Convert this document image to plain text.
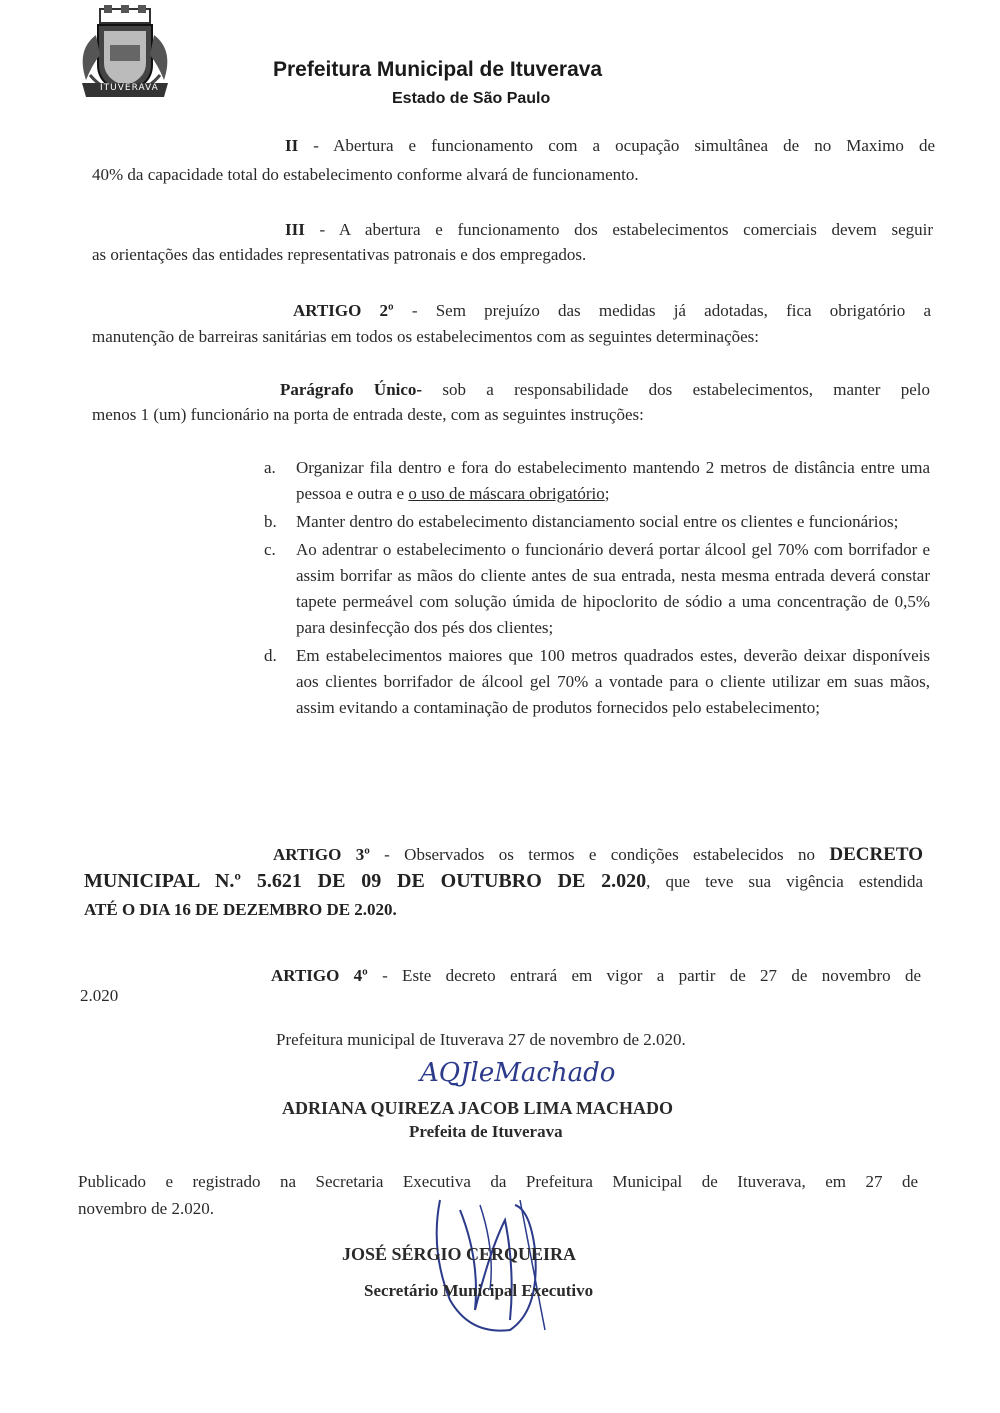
ITUVERAVA
Prefeitura Municipal de Ituverava
Estado de São Paulo
II - Abertura e funcionamento com a ocupação simultânea de no Maximo de
40% da capacidade total do estabelecimento conforme alvará de funcionamento.
III - A abertura e funcionamento dos estabelecimentos comerciais devem seguir
as orientações das entidades representativas patronais e dos empregados.
ARTIGO 2º - Sem prejuízo das medidas já adotadas, fica obrigatório a
manutenção de barreiras sanitárias em todos os estabelecimentos com as seguintes determinações:
Parágrafo Único- sob a responsabilidade dos estabelecimentos, manter pelo
menos 1 (um) funcionário na porta de entrada deste, com as seguintes instruções:
a. Organizar fila dentro e fora do estabelecimento mantendo 2 metros de distância entre uma pessoa e outra e o uso de máscara obrigatório;
b. Manter dentro do estabelecimento distanciamento social entre os clientes e funcionários;
c. Ao adentrar o estabelecimento o funcionário deverá portar álcool gel 70% com borrifador e assim borrifar as mãos do cliente antes de sua entrada, nesta mesma entrada deverá constar tapete permeável com solução úmida de hipoclorito de sódio a uma concentração de 0,5% para desinfecção dos pés dos clientes;
d. Em estabelecimentos maiores que 100 metros quadrados estes, deverão deixar disponíveis aos clientes borrifador de álcool gel 70% a vontade para o cliente utilizar em suas mãos, assim evitando a contaminação de produtos fornecidos pelo estabelecimento;
ARTIGO 3º - Observados os termos e condições estabelecidos no DECRETO
MUNICIPAL N.º 5.621 DE 09 DE OUTUBRO DE 2.020, que teve sua vigência estendida
ATÉ O DIA 16 DE DEZEMBRO DE 2.020.
ARTIGO 4º - Este decreto entrará em vigor a partir de 27 de novembro de
2.020
Prefeitura municipal de Ituverava 27 de novembro de 2.020.
AQJleMachado
ADRIANA QUIREZA JACOB LIMA MACHADO
Prefeita de Ituverava
Publicado e registrado na Secretaria Executiva da Prefeitura Municipal de Ituverava, em 27 de
novembro de 2.020.
JOSÉ SÉRGIO CERQUEIRA
Secretário Municipal Executivo
